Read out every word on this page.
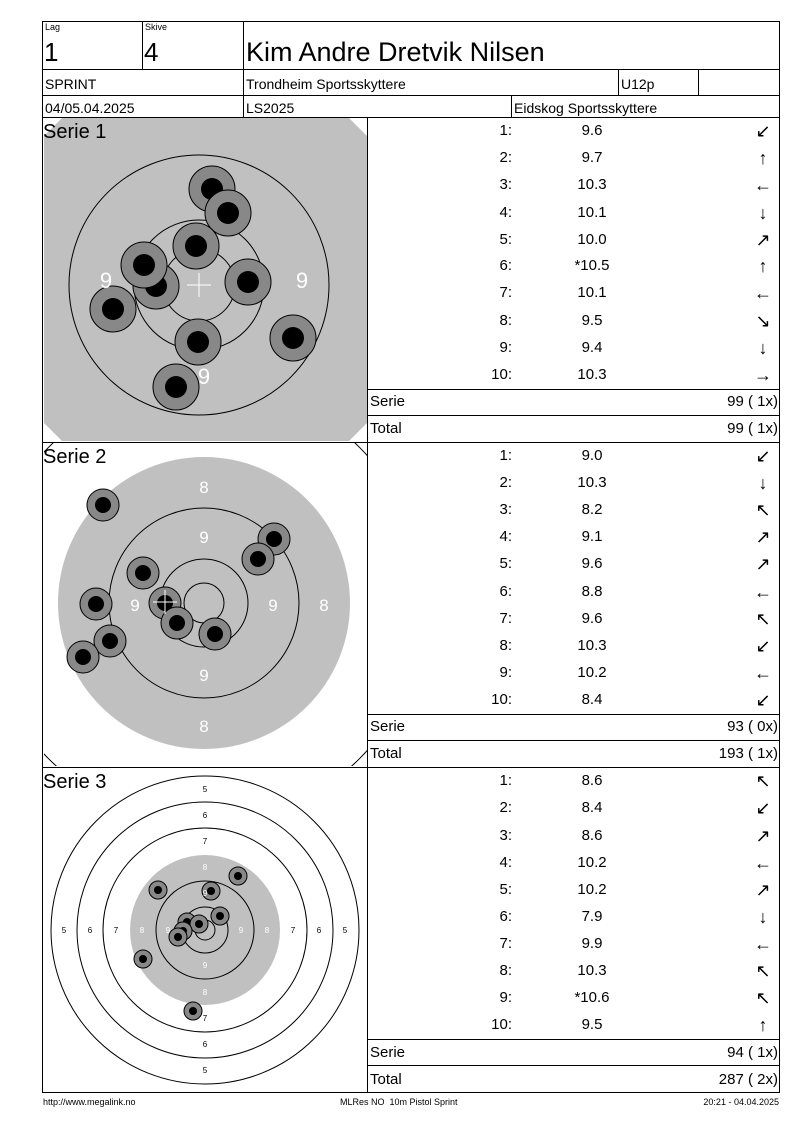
Lag
1
Skive
4	Kim Andre Dretvik Nilsen
SPRINT	Trondheim Sportsskyttere	U12p
04/05.04.2025	LS2025	Eidskog Sportsskyttere
9	9
9
Serie 1	1:	9.6	↙
2:	9.7	↑
3:	10.3	←
4:	10.1	↓
5:	10.0	↗
6:	*10.5	↑
7:	10.1	←
8:	9.5	↘
9:	9.4	↓
10:	10.3	→
Serie	99 ( 1x)
Total	99 ( 1x)
8
9
9	9
9
8
8
Serie 2	1:	9.0	↙
2:	10.3	↓
3:	8.2	↖
4:	9.1	↗
5:	9.6	↗
6:	8.8	←
7:	9.6	↖
8:	10.3	↙
9:	10.2	←
10:	8.4	↙
Serie	93 ( 0x)
Total	193 ( 1x)
5
6
7
8
9
9
8
7
6
5
5	6	7	8	9	9	8	7	6	5
Serie 3	1:	8.6	↖
2:	8.4	↙
3:	8.6	↗
4:	10.2	←
5:	10.2	↗
6:	7.9	↓
7:	9.9	←
8:	10.3	↖
9:	*10.6	↖
10:	9.5	↑
Serie	94 ( 1x)
Total	287 ( 2x)
http://www.megalink.no	MLRes NO  10m Pistol Sprint	20:21 - 04.04.2025
